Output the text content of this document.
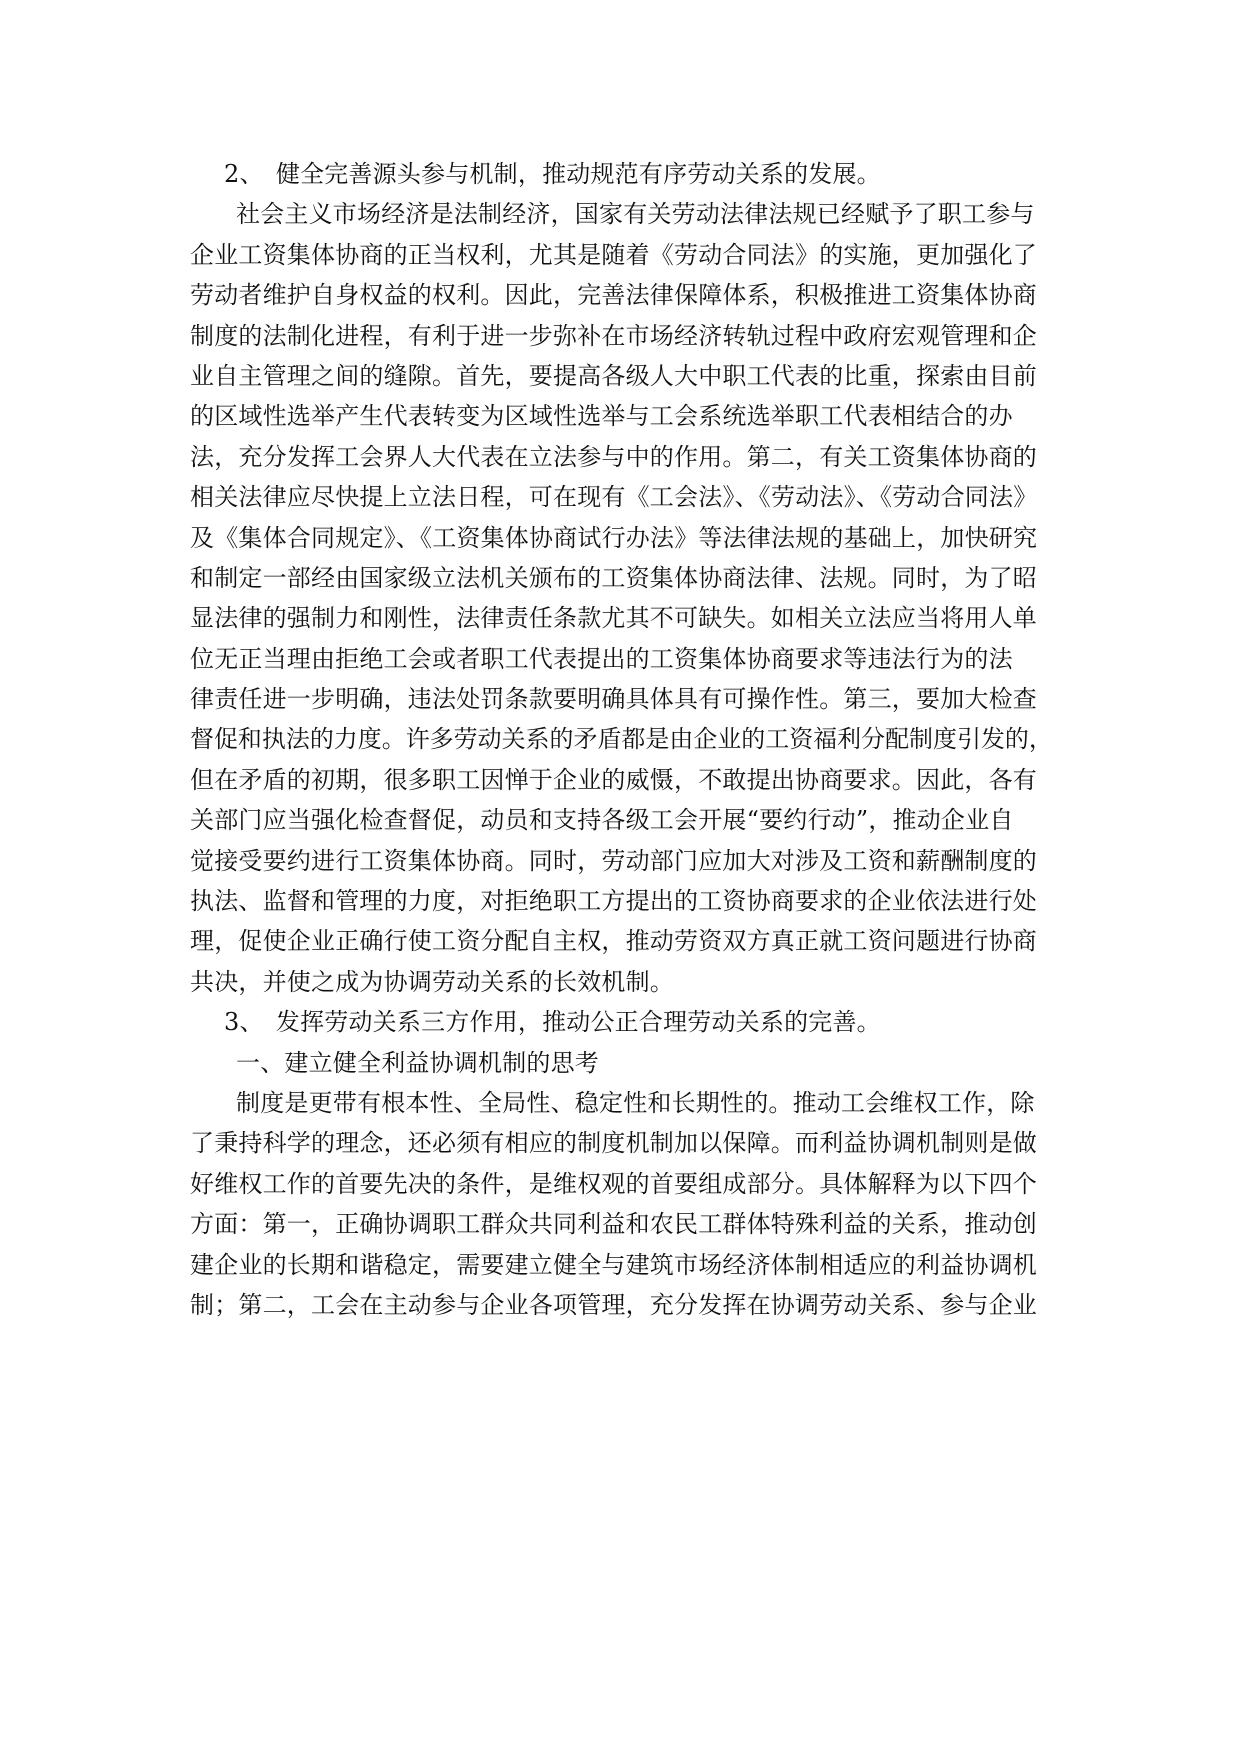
2、　健全完善源头参与机制，推动规范有序劳动关系的发展。
社会主义市场经济是法制经济，国家有关劳动法律法规已经赋予了职工参与
企业工资集体协商的正当权利，尤其是随着《劳动合同法》的实施，更加强化了
劳动者维护自身权益的权利。因此，完善法律保障体系，积极推进工资集体协商
制度的法制化进程，有利于进一步弥补在市场经济转轨过程中政府宏观管理和企
业自主管理之间的缝隙。首先，要提高各级人大中职工代表的比重，探索由目前
的区域性选举产生代表转变为区域性选举与工会系统选举职工代表相结合的办
法，充分发挥工会界人大代表在立法参与中的作用。第二，有关工资集体协商的
相关法律应尽快提上立法日程，可在现有《工会法》、《劳动法》、《劳动合同法》
及《集体合同规定》、《工资集体协商试行办法》等法律法规的基础上，加快研究
和制定一部经由国家级立法机关颁布的工资集体协商法律、法规。同时，为了昭
显法律的强制力和刚性，法律责任条款尤其不可缺失。如相关立法应当将用人单
位无正当理由拒绝工会或者职工代表提出的工资集体协商要求等违法行为的法
律责任进一步明确，违法处罚条款要明确具体具有可操作性。第三，要加大检查
督促和执法的力度。许多劳动关系的矛盾都是由企业的工资福利分配制度引发的，
但在矛盾的初期，很多职工因惮于企业的威慑，不敢提出协商要求。因此，各有
关部门应当强化检查督促，动员和支持各级工会开展“要约行动”，推动企业自
觉接受要约进行工资集体协商。同时，劳动部门应加大对涉及工资和薪酬制度的
执法、监督和管理的力度，对拒绝职工方提出的工资协商要求的企业依法进行处
理，促使企业正确行使工资分配自主权，推动劳资双方真正就工资问题进行协商
共决，并使之成为协调劳动关系的长效机制。
3、　发挥劳动关系三方作用，推动公正合理劳动关系的完善。
一、建立健全利益协调机制的思考
制度是更带有根本性、全局性、稳定性和长期性的。推动工会维权工作，除
了秉持科学的理念，还必须有相应的制度机制加以保障。而利益协调机制则是做
好维权工作的首要先决的条件，是维权观的首要组成部分。具体解释为以下四个
方面：第一，正确协调职工群众共同利益和农民工群体特殊利益的关系，推动创
建企业的长期和谐稳定，需要建立健全与建筑市场经济体制相适应的利益协调机
制；第二，工会在主动参与企业各项管理，充分发挥在协调劳动关系、参与企业
